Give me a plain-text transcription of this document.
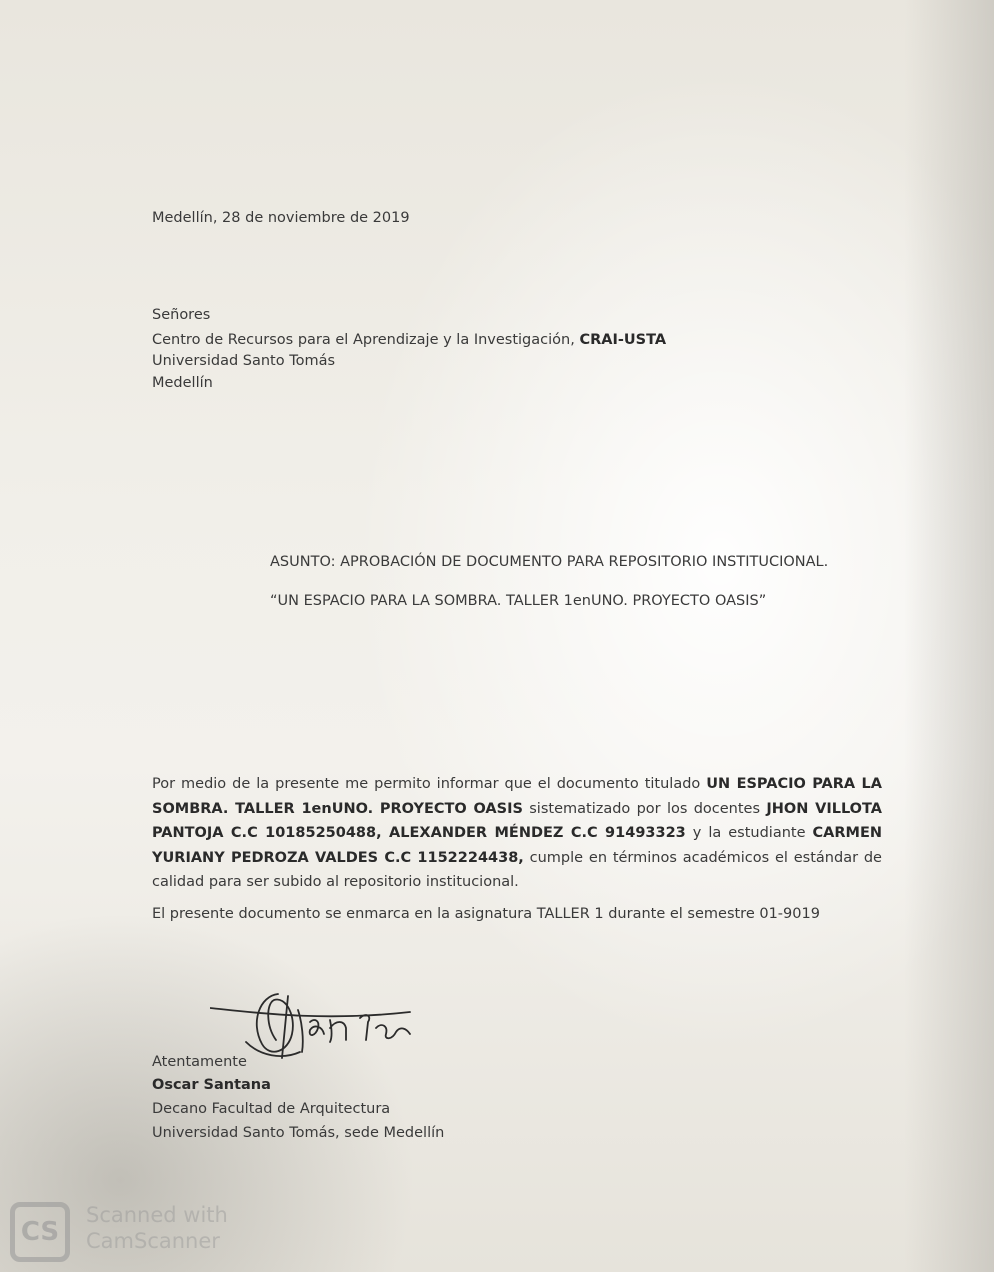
Medellín, 28 de noviembre de 2019
Señores
Centro de Recursos para el Aprendizaje y la Investigación, CRAI-USTA
Universidad Santo Tomás
Medellín
ASUNTO: APROBACIÓN DE DOCUMENTO PARA REPOSITORIO INSTITUCIONAL.
“UN ESPACIO PARA LA SOMBRA. TALLER 1enUNO. PROYECTO OASIS”
Por medio de la presente me permito informar que el documento titulado UN ESPACIO PARA LA SOMBRA. TALLER 1enUNO. PROYECTO OASIS sistematizado por los docentes JHON VILLOTA PANTOJA C.C 10185250488, ALEXANDER MÉNDEZ C.C 91493323 y la estudiante CARMEN YURIANY PEDROZA VALDES C.C 1152224438, cumple en términos académicos el estándar de calidad para ser subido al repositorio institucional.
El presente documento se enmarca en la asignatura TALLER 1 durante el semestre 01-9019
Atentamente
Oscar Santana
Decano Facultad de Arquitectura
Universidad Santo Tomás, sede Medellín
CS
Scanned with
CamScanner
